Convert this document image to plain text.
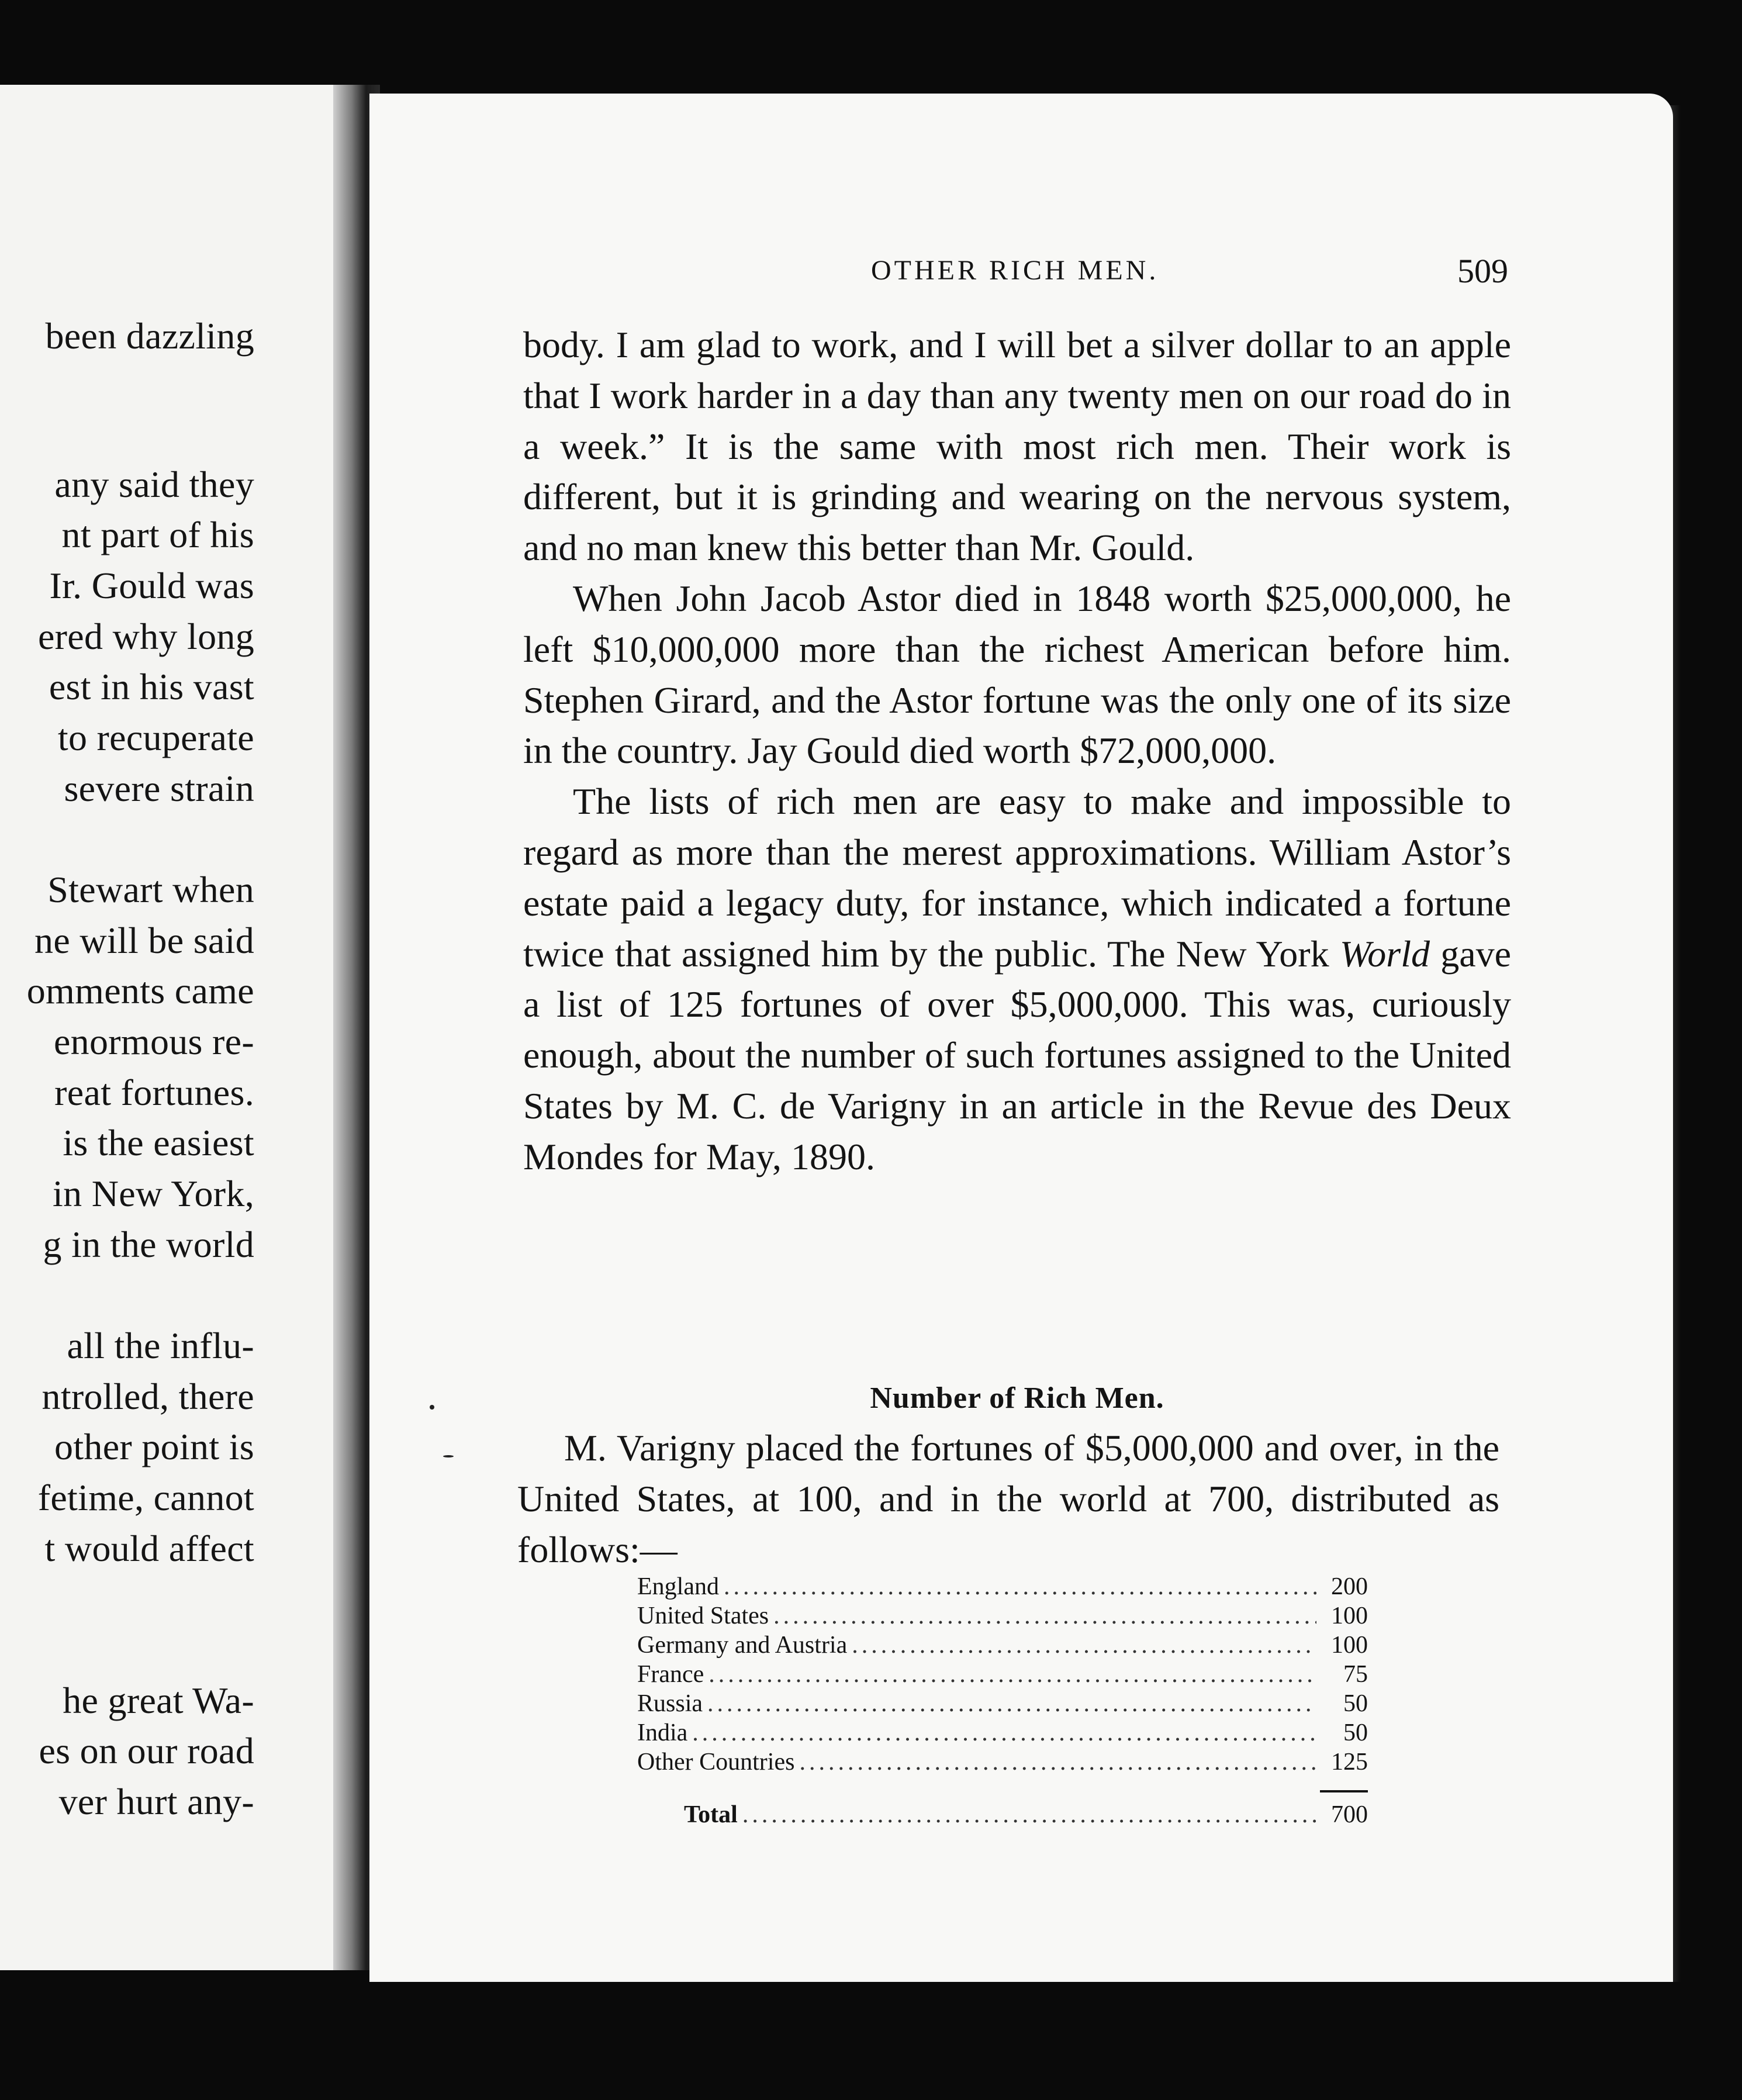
been dazzling
any said they
nt part of his
Ir. Gould was
ered why long
est in his vast
to recuperate
severe strain
Stewart when
ne will be said
omments came
enormous re-
reat fortunes.
is the easiest
in New York,
g in the world
all the influ-
ntrolled, there
other point is
fetime, cannot
t would affect
he great Wa-
es on our road
ver hurt any-
OTHER RICH MEN.	509

body. I am glad to work, and I will bet a silver dollar to an apple that I work harder in a day than any twenty men on our road do in a week.” It is the same with most rich men. Their work is different, but it is grinding and wearing on the nervous system, and no man knew this better than Mr. Gould.

When John Jacob Astor died in 1848 worth $25,000,000, he left $10,000,000 more than the richest American before him. Stephen Girard, and the Astor fortune was the only one of its size in the country. Jay Gould died worth $72,000,000.

The lists of rich men are easy to make and impossible to regard as more than the merest approximations. William Astor’s estate paid a legacy duty, for instance, which indicated a fortune twice that assigned him by the public. The New York World gave a list of 125 fortunes of over $5,000,000. This was, curiously enough, about the number of such fortunes assigned to the United States by M. C. de Varigny in an article in the Revue des Deux Mondes for May, 1890.

Number of Rich Men.

M. Varigny placed the fortunes of $5,000,000 and over, in the United States, at 100, and in the world at 700, distributed as follows:—

England .....	200
United States .....	100
Germany and Austria .....	100
France .....	75
Russia .....	50
India .....	50
Other Countries .....	125
Total .....	700
